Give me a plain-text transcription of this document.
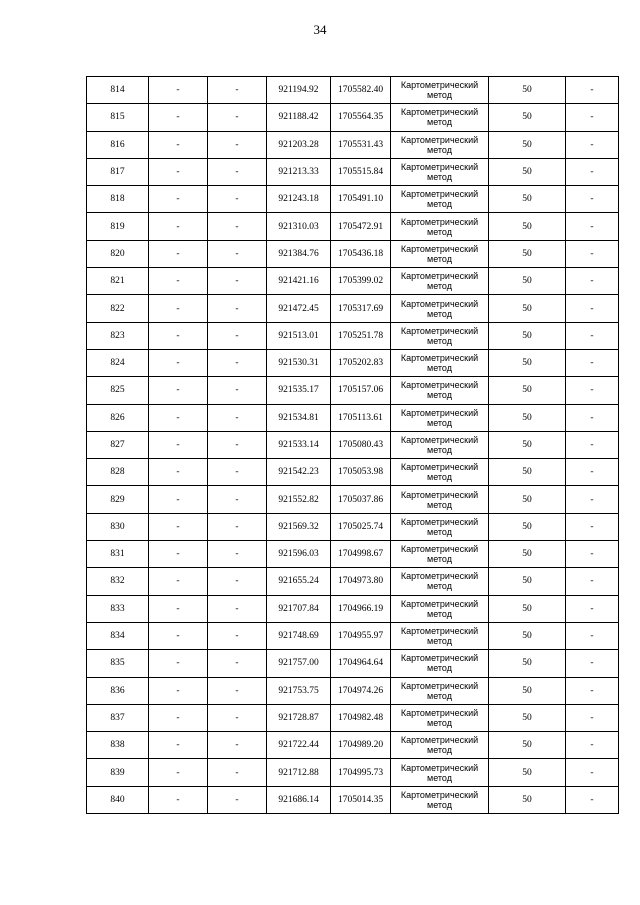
34
814	-	-	921194.92	1705582.40	Картометрический
метод	50	-
815	-	-	921188.42	1705564.35	Картометрический
метод	50	-
816	-	-	921203.28	1705531.43	Картометрический
метод	50	-
817	-	-	921213.33	1705515.84	Картометрический
метод	50	-
818	-	-	921243.18	1705491.10	Картометрический
метод	50	-
819	-	-	921310.03	1705472.91	Картометрический
метод	50	-
820	-	-	921384.76	1705436.18	Картометрический
метод	50	-
821	-	-	921421.16	1705399.02	Картометрический
метод	50	-
822	-	-	921472.45	1705317.69	Картометрический
метод	50	-
823	-	-	921513.01	1705251.78	Картометрический
метод	50	-
824	-	-	921530.31	1705202.83	Картометрический
метод	50	-
825	-	-	921535.17	1705157.06	Картометрический
метод	50	-
826	-	-	921534.81	1705113.61	Картометрический
метод	50	-
827	-	-	921533.14	1705080.43	Картометрический
метод	50	-
828	-	-	921542.23	1705053.98	Картометрический
метод	50	-
829	-	-	921552.82	1705037.86	Картометрический
метод	50	-
830	-	-	921569.32	1705025.74	Картометрический
метод	50	-
831	-	-	921596.03	1704998.67	Картометрический
метод	50	-
832	-	-	921655.24	1704973.80	Картометрический
метод	50	-
833	-	-	921707.84	1704966.19	Картометрический
метод	50	-
834	-	-	921748.69	1704955.97	Картометрический
метод	50	-
835	-	-	921757.00	1704964.64	Картометрический
метод	50	-
836	-	-	921753.75	1704974.26	Картометрический
метод	50	-
837	-	-	921728.87	1704982.48	Картометрический
метод	50	-
838	-	-	921722.44	1704989.20	Картометрический
метод	50	-
839	-	-	921712.88	1704995.73	Картометрический
метод	50	-
840	-	-	921686.14	1705014.35	Картометрический
метод	50	-
